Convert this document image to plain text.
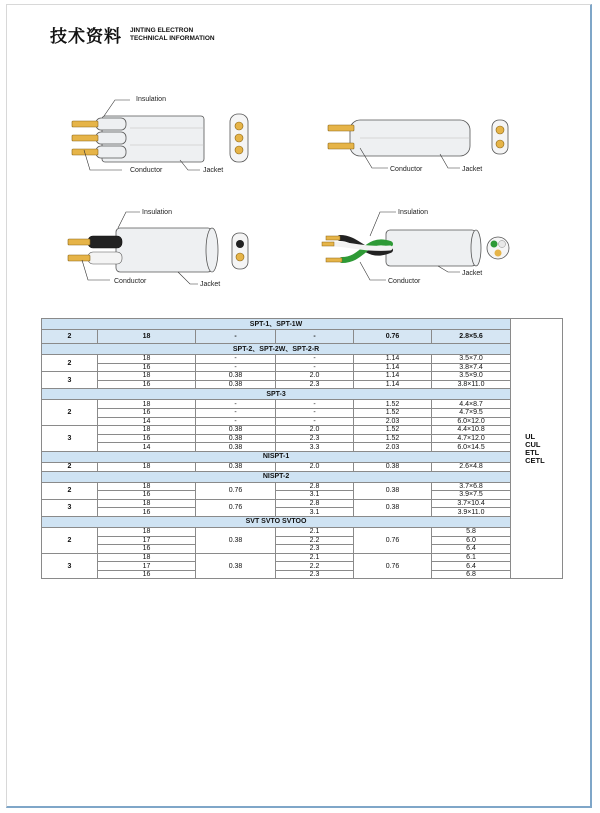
技术资料 JINTING ELECTRON
TECHNICAL INFORMATION
Insulation
Conductor	Jacket	Conductor	Jacket
Insulation
Conductor	Jacket
Insulation
Conductor
Jacket
SPT-1、SPT-1W						UL
CUL
ETL
CETL

2	18	-	-	0.76	2.8×5.6	
SPT-2、SPT-2W、SPT-2-R						
2	18	-	-	1.14	3.5×7.0	
	16	-	-	1.14	3.8×7.4	
3	18	0.38	2.0	1.14	3.5×9.0	
	16	0.38	2.3	1.14	3.8×11.0	
SPT-3						
2	18	-	-	1.52	4.4×8.7	
	16	-	-	1.52	4.7×9.5	
	14	-	-	2.03	6.0×12.0	
3	18	0.38	2.0	1.52	4.4×10.8	
	16	0.38	2.3	1.52	4.7×12.0	
	14	0.38	3.3	2.03	6.0×14.5	
NISPT-1						
2	18	0.38	2.0	0.38	2.6×4.8	
NISPT-2						
2	18	0.76	2.8	0.38	3.7×6.8	
	16		3.1		3.9×7.5	
3	18	0.76	2.8	0.38	3.7×10.4	
	16		3.1		3.9×11.0	
SVT SVTO SVTOO						
2	18	0.38	2.1	0.76	5.8	
	17		2.2		6.0	
	16		2.3		6.4	
3	18	0.38	2.1	0.76	6.1	
	17		2.2		6.4	
	16		2.3		6.8	
